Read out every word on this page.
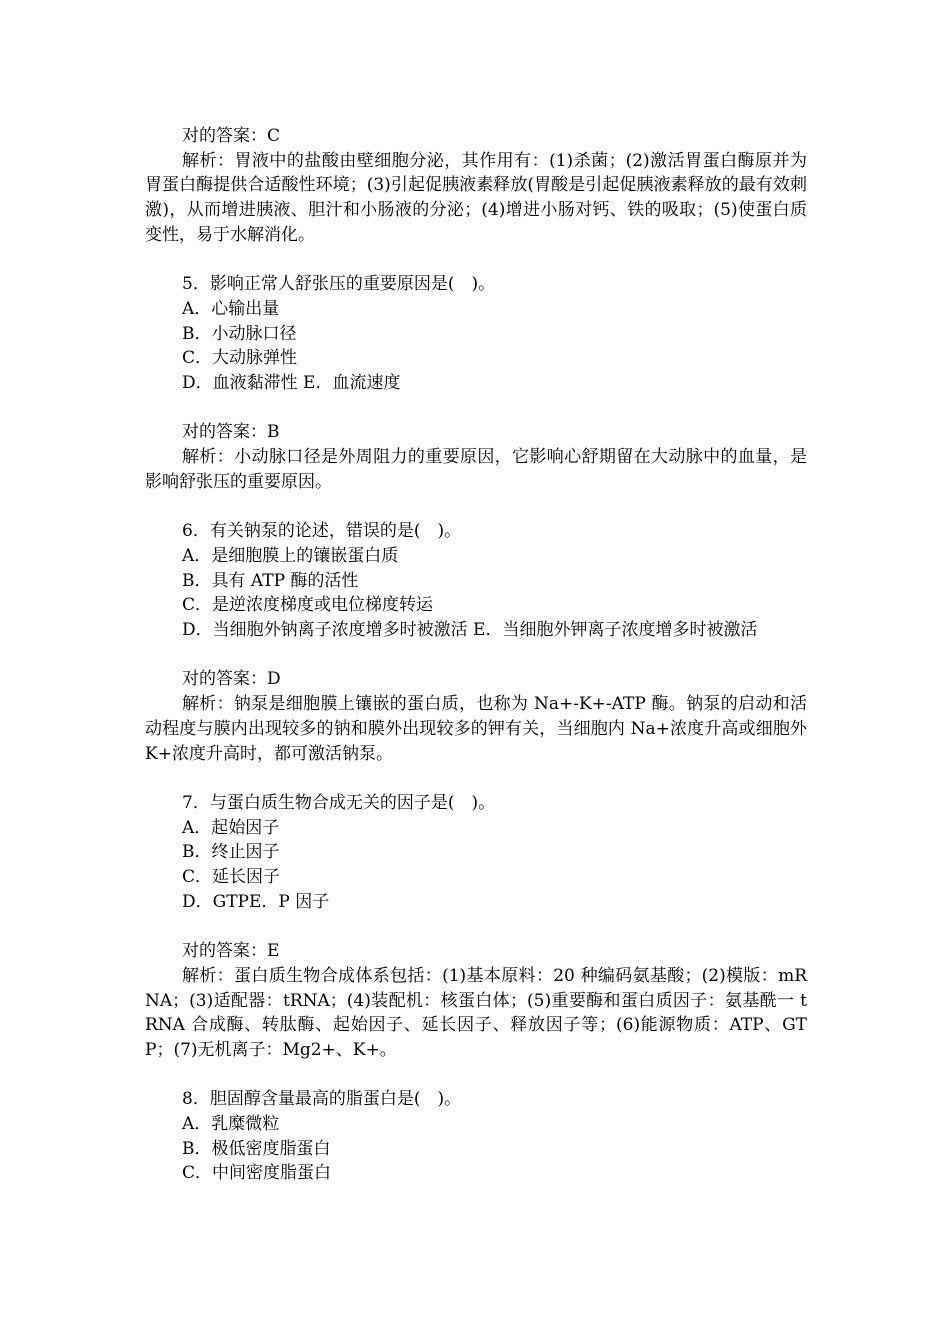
对的答案：C
解析：胃液中的盐酸由壁细胞分泌，其作用有：(1)杀菌；(2)激活胃蛋白酶原并为胃蛋白酶提供合适酸性环境；(3)引起促胰液素释放(胃酸是引起促胰液素释放的最有效刺激)，从而增进胰液、胆汁和小肠液的分泌；(4)增进小肠对钙、铁的吸取；(5)使蛋白质变性，易于水解消化。
5．影响正常人舒张压的重要原因是(　)。
A．心输出量
B．小动脉口径
C．大动脉弹性
D．血液黏滞性 E．血流速度
对的答案：B
解析：小动脉口径是外周阻力的重要原因，它影响心舒期留在大动脉中的血量，是影响舒张压的重要原因。
6．有关钠泵的论述，错误的是(　)。
A．是细胞膜上的镶嵌蛋白质
B．具有 ATP 酶的活性
C．是逆浓度梯度或电位梯度转运
D．当细胞外钠离子浓度增多时被激活 E．当细胞外钾离子浓度增多时被激活
对的答案：D
解析：钠泵是细胞膜上镶嵌的蛋白质，也称为 Na+-K+-ATP 酶。钠泵的启动和活动程度与膜内出现较多的钠和膜外出现较多的钾有关，当细胞内 Na+浓度升高或细胞外 K+浓度升高时，都可激活钠泵。
7．与蛋白质生物合成无关的因子是(　)。
A．起始因子
B．终止因子
C．延长因子
D．GTPE．P 因子
对的答案：E
解析：蛋白质生物合成体系包括：(1)基本原料：20 种编码氨基酸；(2)模版：mRNA；(3)适配器：tRNA；(4)装配机：核蛋白体；(5)重要酶和蛋白质因子：氨基酰一 tRNA 合成酶、转肽酶、起始因子、延长因子、释放因子等；(6)能源物质：ATP、GTP；(7)无机离子：Mg2+、K+。
8．胆固醇含量最高的脂蛋白是(　)。
A．乳糜微粒
B．极低密度脂蛋白
C．中间密度脂蛋白
